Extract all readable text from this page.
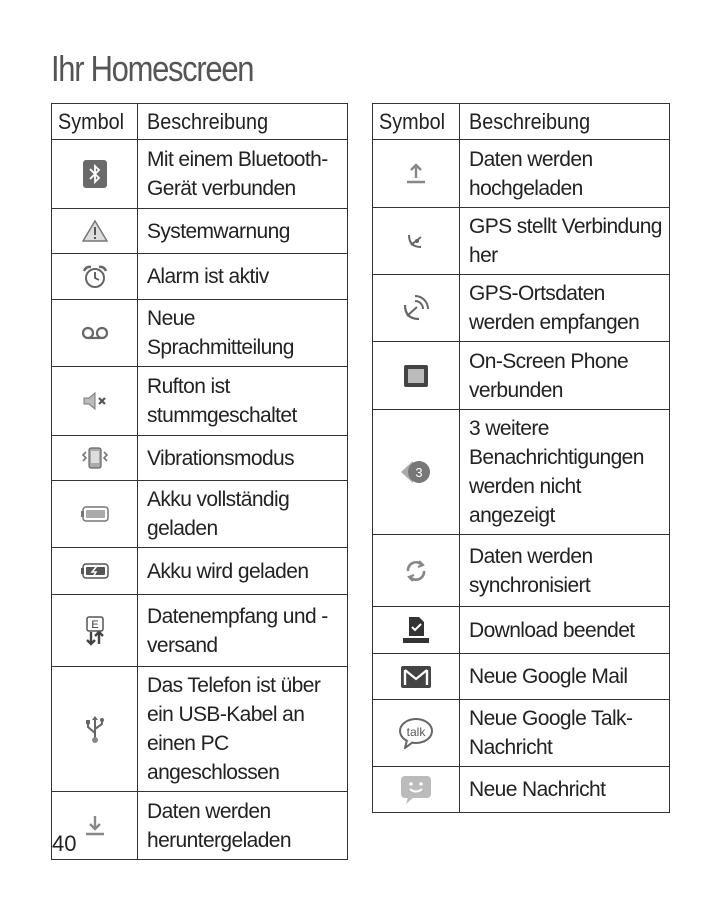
Ihr Homescreen
Symbol	Beschreibung

Mit einem Bluetooth-Gerät verbunden

Systemwarnung

Alarm ist aktiv

Neue Sprachmitteilung

Rufton ist stummgeschaltet

Vibrationsmodus

Akku vollständig geladen

Akku wird geladen

E	Datenempfang und -versand

Das Telefon ist über ein USB-Kabel an einen PC angeschlossen

Daten werden heruntergeladen
Symbol	Beschreibung

Daten werden hochgeladen

GPS stellt Verbindung her

GPS-Ortsdaten werden empfangen

On-Screen Phone verbunden

3	3 weitere Benachrichtigungen werden nicht angezeigt

Daten werden synchronisiert

Download beendet

Neue Google Mail

talk	Neue Google Talk-Nachricht

Neue Nachricht
40
